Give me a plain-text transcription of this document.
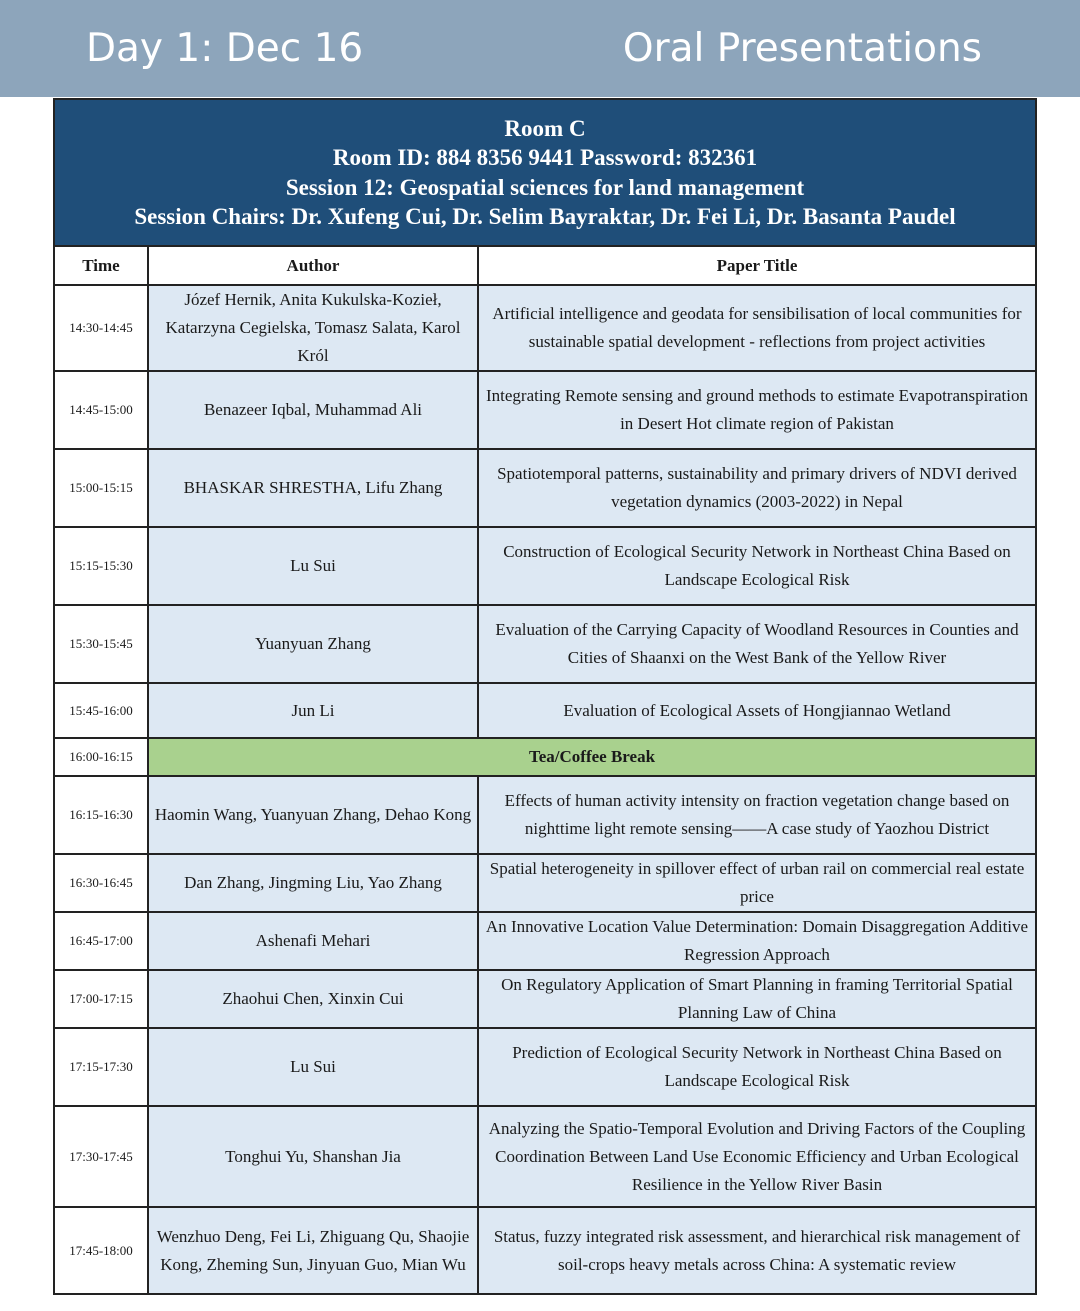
Day 1: Dec 16	Oral Presentations
Room C
Room ID: 884 8356 9441 Password: 832361
Session 12: Geospatial sciences for land management
Session Chairs: Dr. Xufeng Cui, Dr. Selim Bayraktar, Dr. Fei Li, Dr. Basanta Paudel		

Time	Author	Paper Title
14:30-14:45	Józef Hernik, Anita Kukulska-Kozieł, Katarzyna Cegielska, Tomasz Salata, Karol Król	Artificial intelligence and geodata for sensibilisation of local communities for sustainable spatial development - reflections from project activities
14:45-15:00	Benazeer Iqbal, Muhammad Ali	Integrating Remote sensing and ground methods to estimate Evapotranspiration in Desert Hot climate region of Pakistan
15:00-15:15	BHASKAR SHRESTHA, Lifu Zhang	Spatiotemporal patterns, sustainability and primary drivers of NDVI derived vegetation dynamics (2003-2022) in Nepal
15:15-15:30	Lu Sui	Construction of Ecological Security Network in Northeast China Based on Landscape Ecological Risk
15:30-15:45	Yuanyuan Zhang	Evaluation of the Carrying Capacity of Woodland Resources in Counties and Cities of Shaanxi on the West Bank of the Yellow River
15:45-16:00	Jun Li	Evaluation of Ecological Assets of Hongjiannao Wetland
16:00-16:15	Tea/Coffee Break	
16:15-16:30	Haomin Wang, Yuanyuan Zhang, Dehao Kong	Effects of human activity intensity on fraction vegetation change based on nighttime light remote sensing——A case study of Yaozhou District
16:30-16:45	Dan Zhang, Jingming Liu, Yao Zhang	Spatial heterogeneity in spillover effect of urban rail on commercial real estate price
16:45-17:00	Ashenafi Mehari	An Innovative Location Value Determination: Domain Disaggregation Additive Regression Approach
17:00-17:15	Zhaohui Chen, Xinxin Cui	On Regulatory Application of Smart Planning in framing Territorial Spatial Planning Law of China
17:15-17:30	Lu Sui	Prediction of Ecological Security Network in Northeast China Based on Landscape Ecological Risk
17:30-17:45	Tonghui Yu, Shanshan Jia	Analyzing the Spatio-Temporal Evolution and Driving Factors of the Coupling Coordination Between Land Use Economic Efficiency and Urban Ecological Resilience in the Yellow River Basin
17:45-18:00	Wenzhuo Deng, Fei Li, Zhiguang Qu, Shaojie Kong, Zheming Sun, Jinyuan Guo, Mian Wu	Status, fuzzy integrated risk assessment, and hierarchical risk management of soil-crops heavy metals across China: A systematic review
